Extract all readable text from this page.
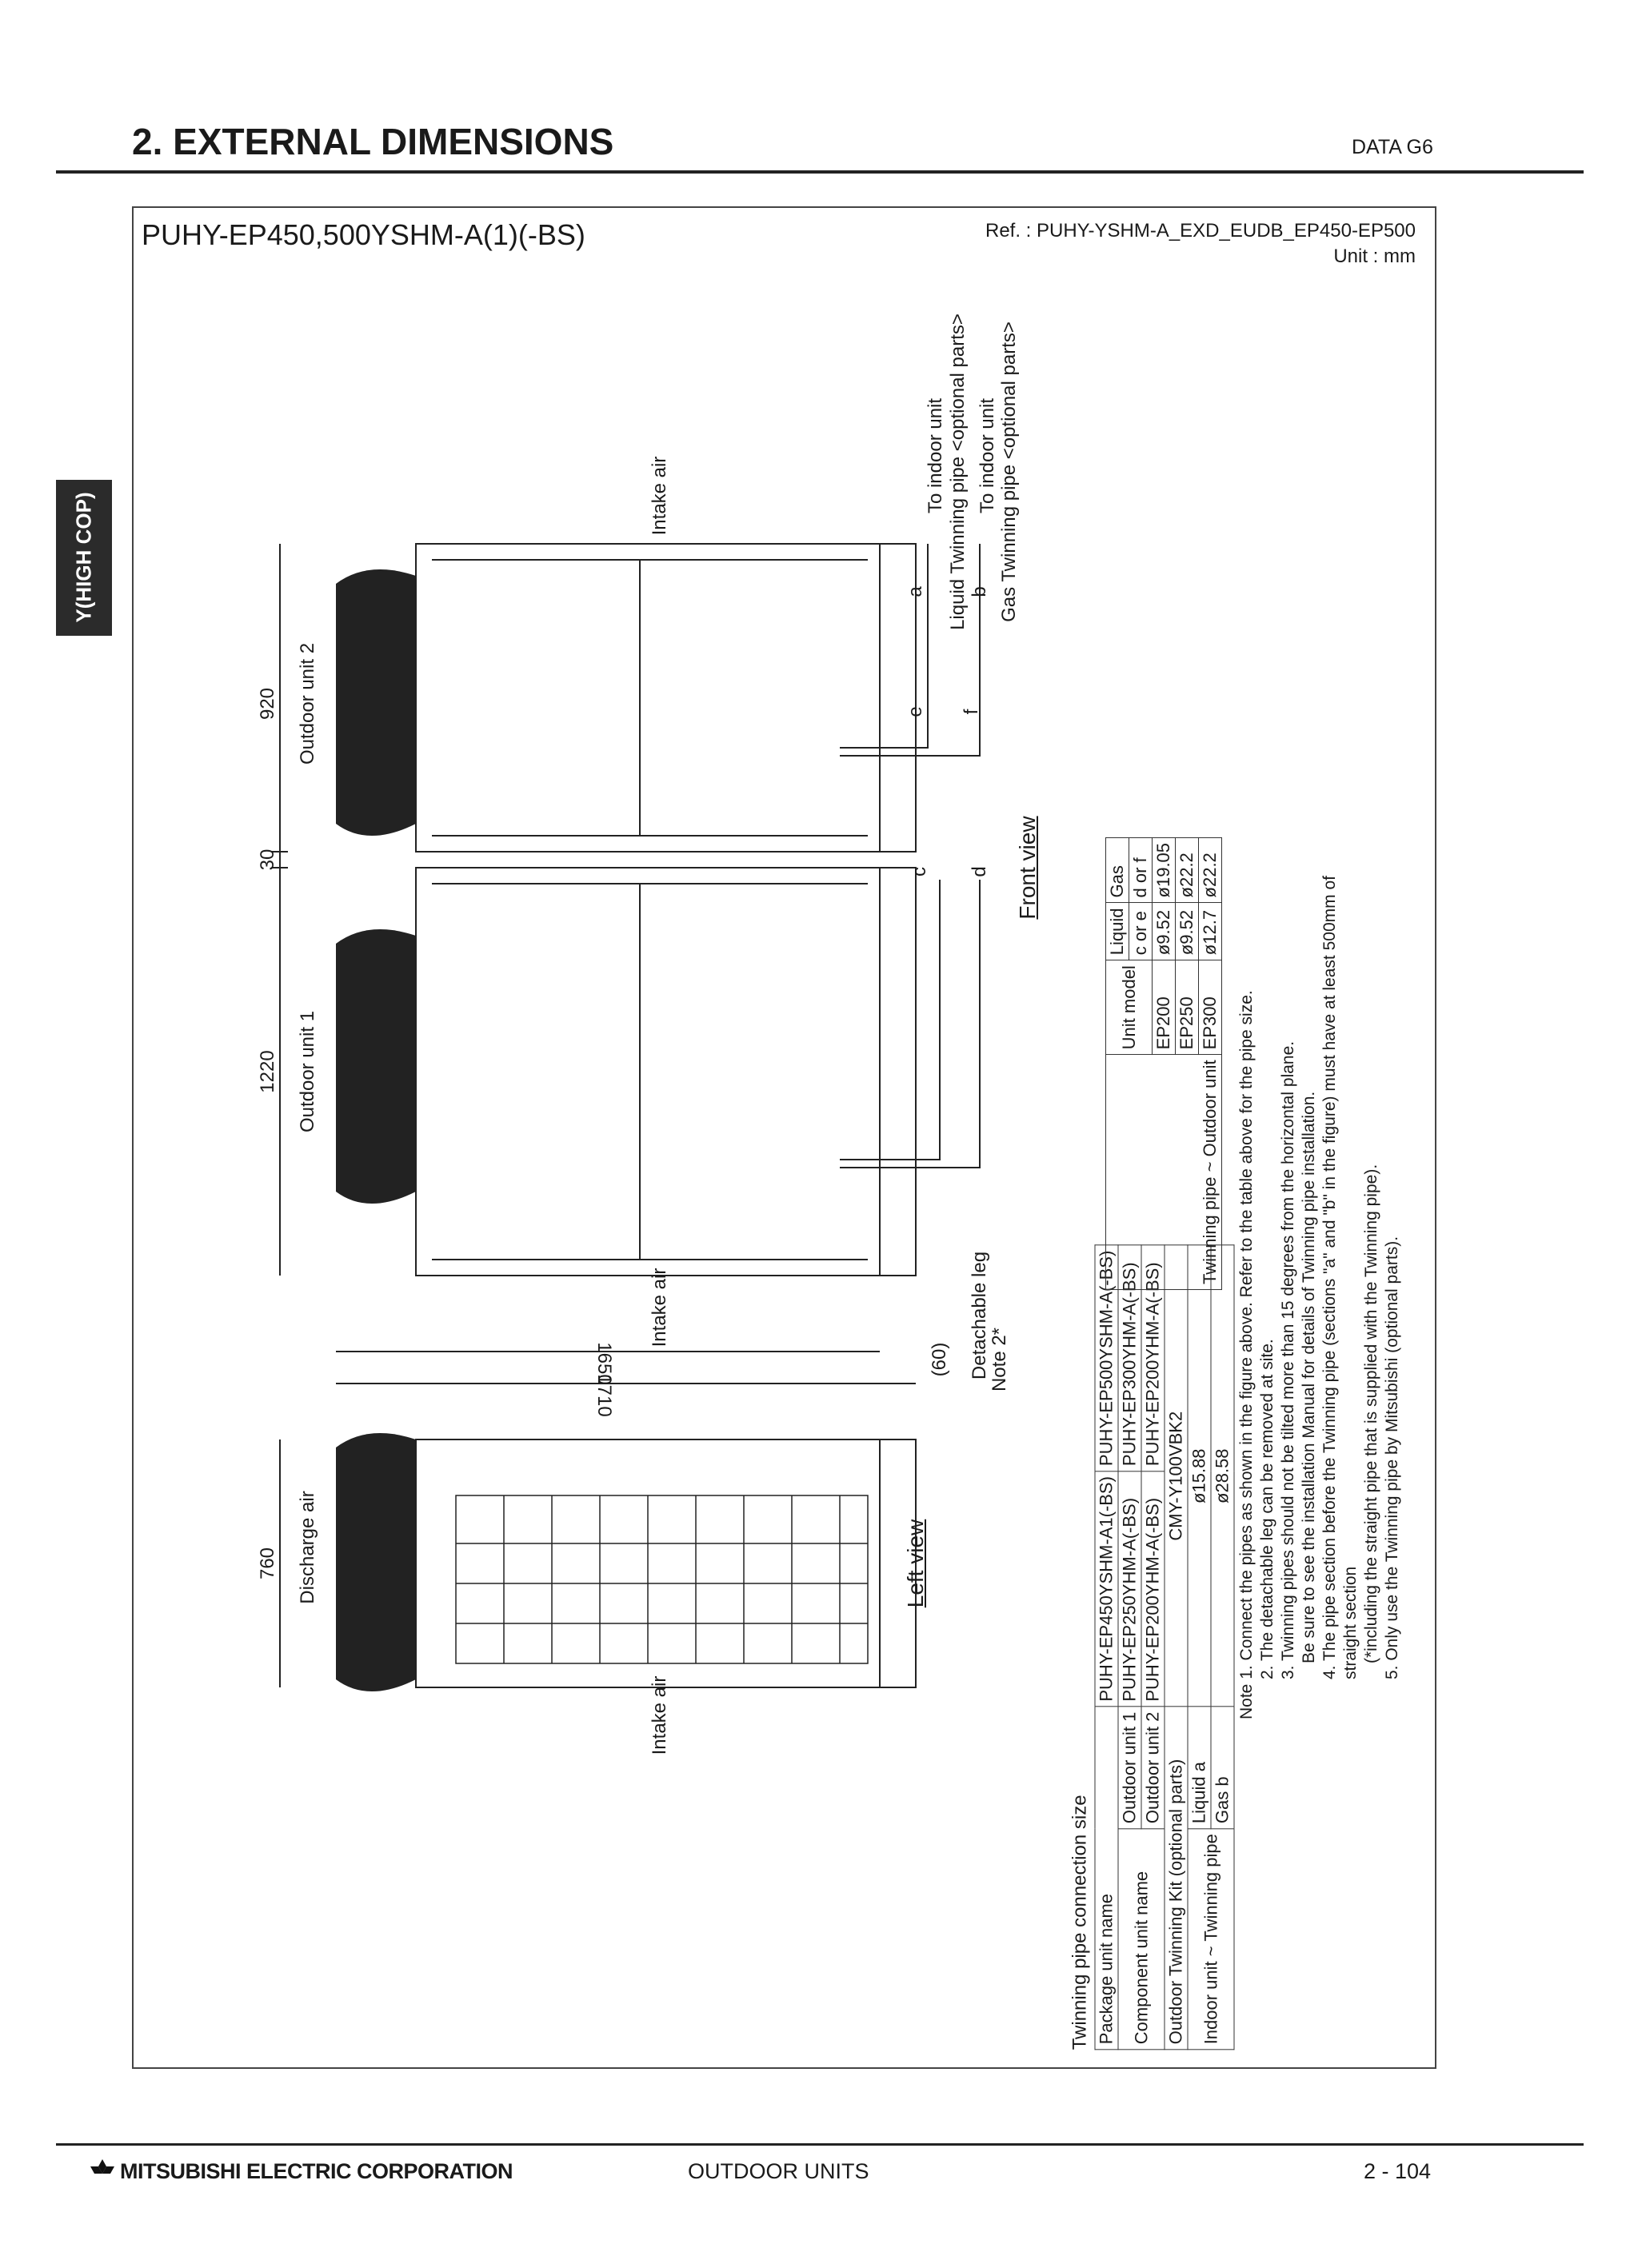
2. EXTERNAL DIMENSIONS	DATA G6
Y(HIGH COP)
PUHY-EP450,500YSHM-A(1)(-BS)	Ref. : PUHY-YSHM-A_EXD_EUDB_EP450-EP500
Unit : mm
920
30
1220
760
1650
1710
(60)
Outdoor unit 2
Outdoor unit 1
Discharge air
Intake air
Intake air
Intake air
Detachable leg
Note 2*
Front view
Left view
a b
c d
e f
To indoor unit Liquid Twinning pipe <optional parts> To indoor unit Gas Twinning pipe <optional parts>
Twinning pipe connection size Package unit name		PUHY-EP450YSHM-A1(-BS)	PUHY-EP500YSHM-A(-BS)
Component unit name	Outdoor unit 1	PUHY-EP250YHM-A(-BS)	PUHY-EP300YHM-A(-BS)
	Outdoor unit 2	PUHY-EP200YHM-A(-BS)	PUHY-EP200YHM-A(-BS)
Outdoor Twinning Kit (optional parts)		CMY-Y100VBK2	
Indoor unit ~ Twinning pipe	Liquid a	ø15.88	
	Gas b	ø28.58	
Twinning pipe ~ Outdoor unit	Unit model	Liquid	Gas
		c or e	d or f
	EP200	ø9.52	ø19.05
	EP250	ø9.52	ø22.2
	EP300	ø12.7	ø22.2
Note 1. Connect the pipes as shown in the figure above. Refer to the table above for the pipe size. 2. The detachable leg can be removed at site. 3. Twinning pipes should not be tilted more than 15 degrees from the horizontal plane. Be sure to see the installation Manual for details of Twinning pipe installation. 4. The pipe section before the Twinning pipe (sections "a" and "b" in the figure) must have at least 500mm of straight section (*including the straight pipe that is supplied with the Twinning pipe). 5. Only use the Twinning pipe by Mitsubishi (optional parts).
MITSUBISHI ELECTRIC CORPORATION	OUTDOOR UNITS	2 - 104
